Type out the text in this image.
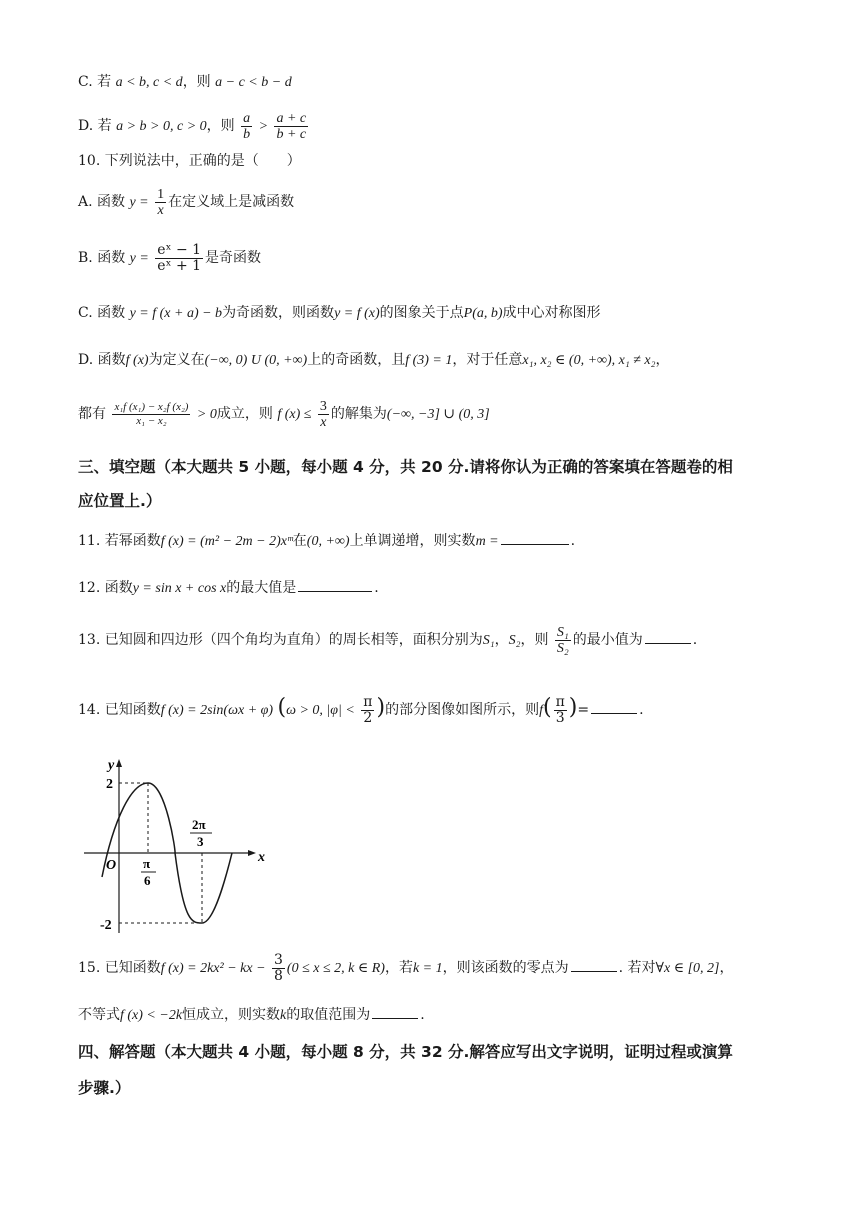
C. 若 a < b, c < d，则 a − c < b − d
D. 若 a > b > 0, c > 0，则 $\frac{a}{b} > \frac{a + c}{b + c}$
10. 下列说法中，正确的是（　　）
A. 函数 $y = \frac{1}{x}$ 在定义域上是减函数
B. 函数 $y = \frac{\text{eˣ − 1}}{\text{eˣ + 1}}$ 是奇函数
C. 函数 y = f (x + a) − b为奇函数，则函数y = f (x)的图象关于点P(a, b)成中心对称图形
D. 函数f (x)为定义在(−∞, 0) U (0, +∞)上的奇函数，且f (3) = 1，对于任意x₁, x₂ ∈ (0, +∞), x₁ ≠ x₂，
都有 $\frac{\text{x₁f (x₁) − x₂f (x₂)}}{\text{x₁ − x₂}} > 0$成立，则 f $(x) \le \frac{3}{x}$ 的解集为(−∞, −3] ∪ (0, 3]
三、填空题（本大题共 5 小题，每小题 4 分，共 20 分.请将你认为正确的答案填在答题卷的相
应位置上.）
11. 若幂函数f (x) = (m² − 2m − 2)xᵐ在(0, +∞)上单调递增，则实数m =	.
12. 函数y = sin x + cos x的最大值是	.
13. 已知圆和四边形（四个角均为直角）的周长相等，面积分别为S₁，S₂，则 $\frac{\text{S₁}}{\text{S₂}}$ 的最小值为	.
14. 已知函数f (x) = 2sin(ωx + φ) (ω > 0, $|\varphi| < \frac{\pi}{2}$ )的部分图像如图所示，则$f( \frac{\pi}{3}$ )=	.
y
x
O
2
-2
π
6
2π
3
15. 已知函数f (x) = 2kx² − kx − $\frac{3}{8} (0 \le x \le 2$, k ∈ R)，若k = 1，则该函数的零点为	. 若对∀x ∈ [0, 2]，
不等式f (x) < −2k恒成立，则实数k的取值范围为	.
四、解答题（本大题共 4 小题，每小题 8 分，共 32 分.解答应写出文字说明，证明过程或演算
步骤.）
